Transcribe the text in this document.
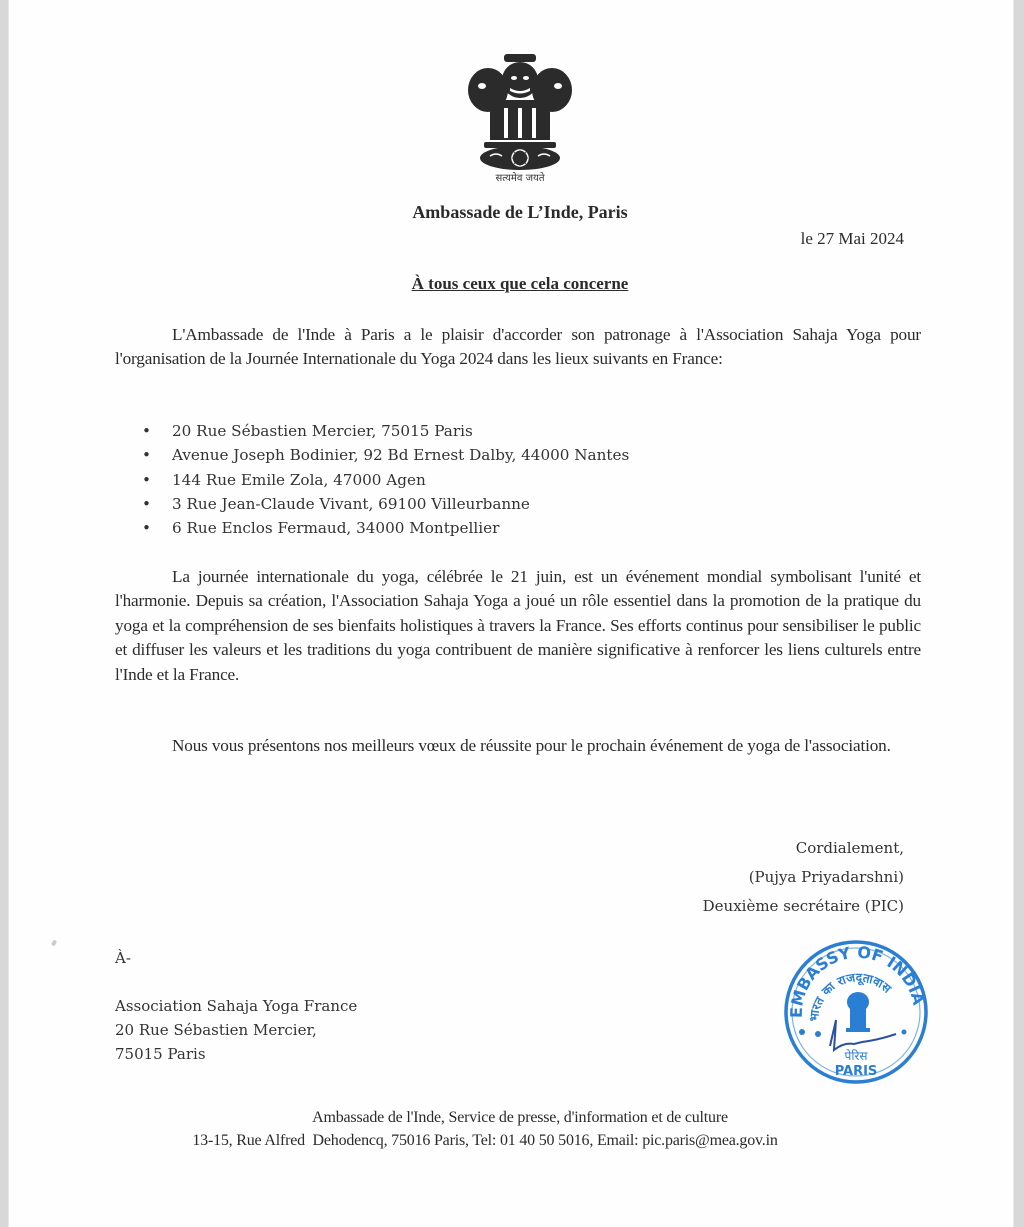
सत्यमेव जयते
Ambassade de L’Inde, Paris
le 27 Mai 2024
À tous ceux que cela concerne
L'Ambassade de l'Inde à Paris a le plaisir d'accorder son patronage à l'Association Sahaja Yoga pour l'organisation de la Journée Internationale du Yoga 2024 dans les lieux suivants en France:
• 20 Rue Sébastien Mercier, 75015 Paris
• Avenue Joseph Bodinier, 92 Bd Ernest Dalby, 44000 Nantes
• 144 Rue Emile Zola, 47000 Agen
• 3 Rue Jean-Claude Vivant, 69100 Villeurbanne
• 6 Rue Enclos Fermaud, 34000 Montpellier
La journée internationale du yoga, célébrée le 21 juin, est un événement mondial symbolisant l'unité et l'harmonie. Depuis sa création, l'Association Sahaja Yoga a joué un rôle essentiel dans la promotion de la pratique du yoga et la compréhension de ses bienfaits holistiques à travers la France. Ses efforts continus pour sensibiliser le public et diffuser les valeurs et les traditions du yoga contribuent de manière significative à renforcer les liens culturels entre l'Inde et la France.
Nous vous présentons nos meilleurs vœux de réussite pour le prochain événement de yoga de l'association.
Cordialement,
(Pujya Priyadarshni)
Deuxième secrétaire (PIC)
À-
Association Sahaja Yoga France
20 Rue Sébastien Mercier,
75015 Paris
EMBASSY OF INDIA
भारत का राजदूतावास
पेरिस
PARIS
Ambassade de l'Inde, Service de presse, d'information et de culture
13-15, Rue Alfred  Dehodencq, 75016 Paris, Tel: 01 40 50 5016, Email: pic.paris@mea.gov.in
